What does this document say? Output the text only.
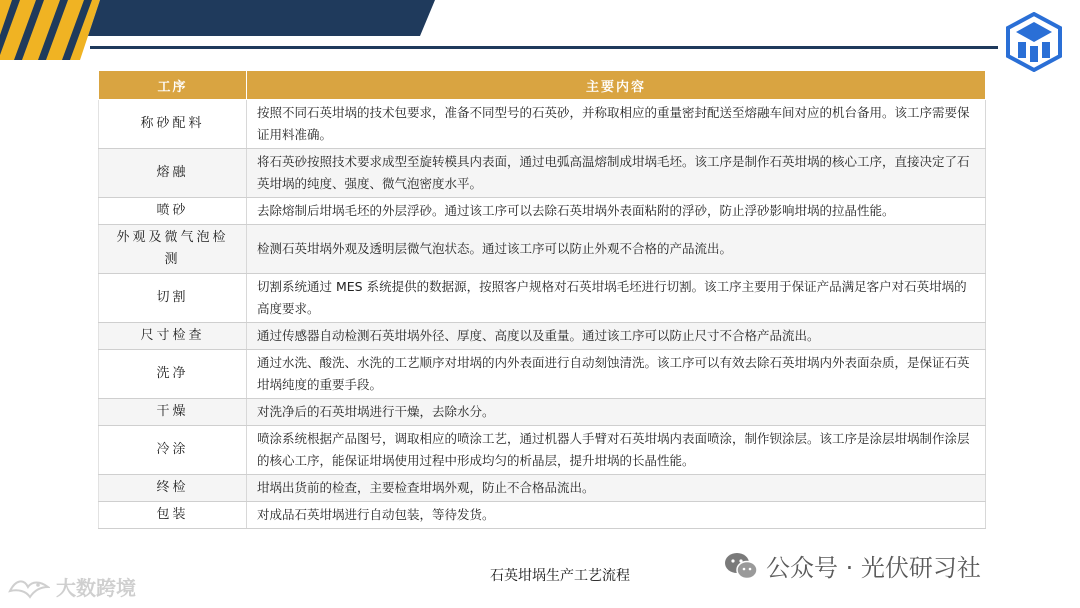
工序	主要内容
称砂配料	按照不同石英坩埚的技术包要求，准备不同型号的石英砂，并称取相应的重量密封配送至熔融车间对应的机台备用。该工序需要保证用料准确。
熔融	将石英砂按照技术要求成型至旋转模具内表面，通过电弧高温熔制成坩埚毛坯。该工序是制作石英坩埚的核心工序，直接决定了石英坩埚的纯度、强度、微气泡密度水平。
喷砂	去除熔制后坩埚毛坯的外层浮砂。通过该工序可以去除石英坩埚外表面粘附的浮砂，防止浮砂影响坩埚的拉晶性能。
外观及微气泡检测	检测石英坩埚外观及透明层微气泡状态。通过该工序可以防止外观不合格的产品流出。
切割	切割系统通过 MES 系统提供的数据源，按照客户规格对石英坩埚毛坯进行切割。该工序主要用于保证产品满足客户对石英坩埚的高度要求。
尺寸检查	通过传感器自动检测石英坩埚外径、厚度、高度以及重量。通过该工序可以防止尺寸不合格产品流出。
洗净	通过水洗、酸洗、水洗的工艺顺序对坩埚的内外表面进行自动刻蚀清洗。该工序可以有效去除石英坩埚内外表面杂质，是保证石英坩埚纯度的重要手段。
干燥	对洗净后的石英坩埚进行干燥，去除水分。
冷涂	喷涂系统根据产品图号，调取相应的喷涂工艺，通过机器人手臂对石英坩埚内表面喷涂，制作钡涂层。该工序是涂层坩埚制作涂层的核心工序，能保证坩埚使用过程中形成均匀的析晶层，提升坩埚的长晶性能。
终检	坩埚出货前的检查，主要检查坩埚外观，防止不合格品流出。
包装	对成品石英坩埚进行自动包装，等待发货。
公众号 · 光伏研习社
石英坩埚生产工艺流程
大数跨境
